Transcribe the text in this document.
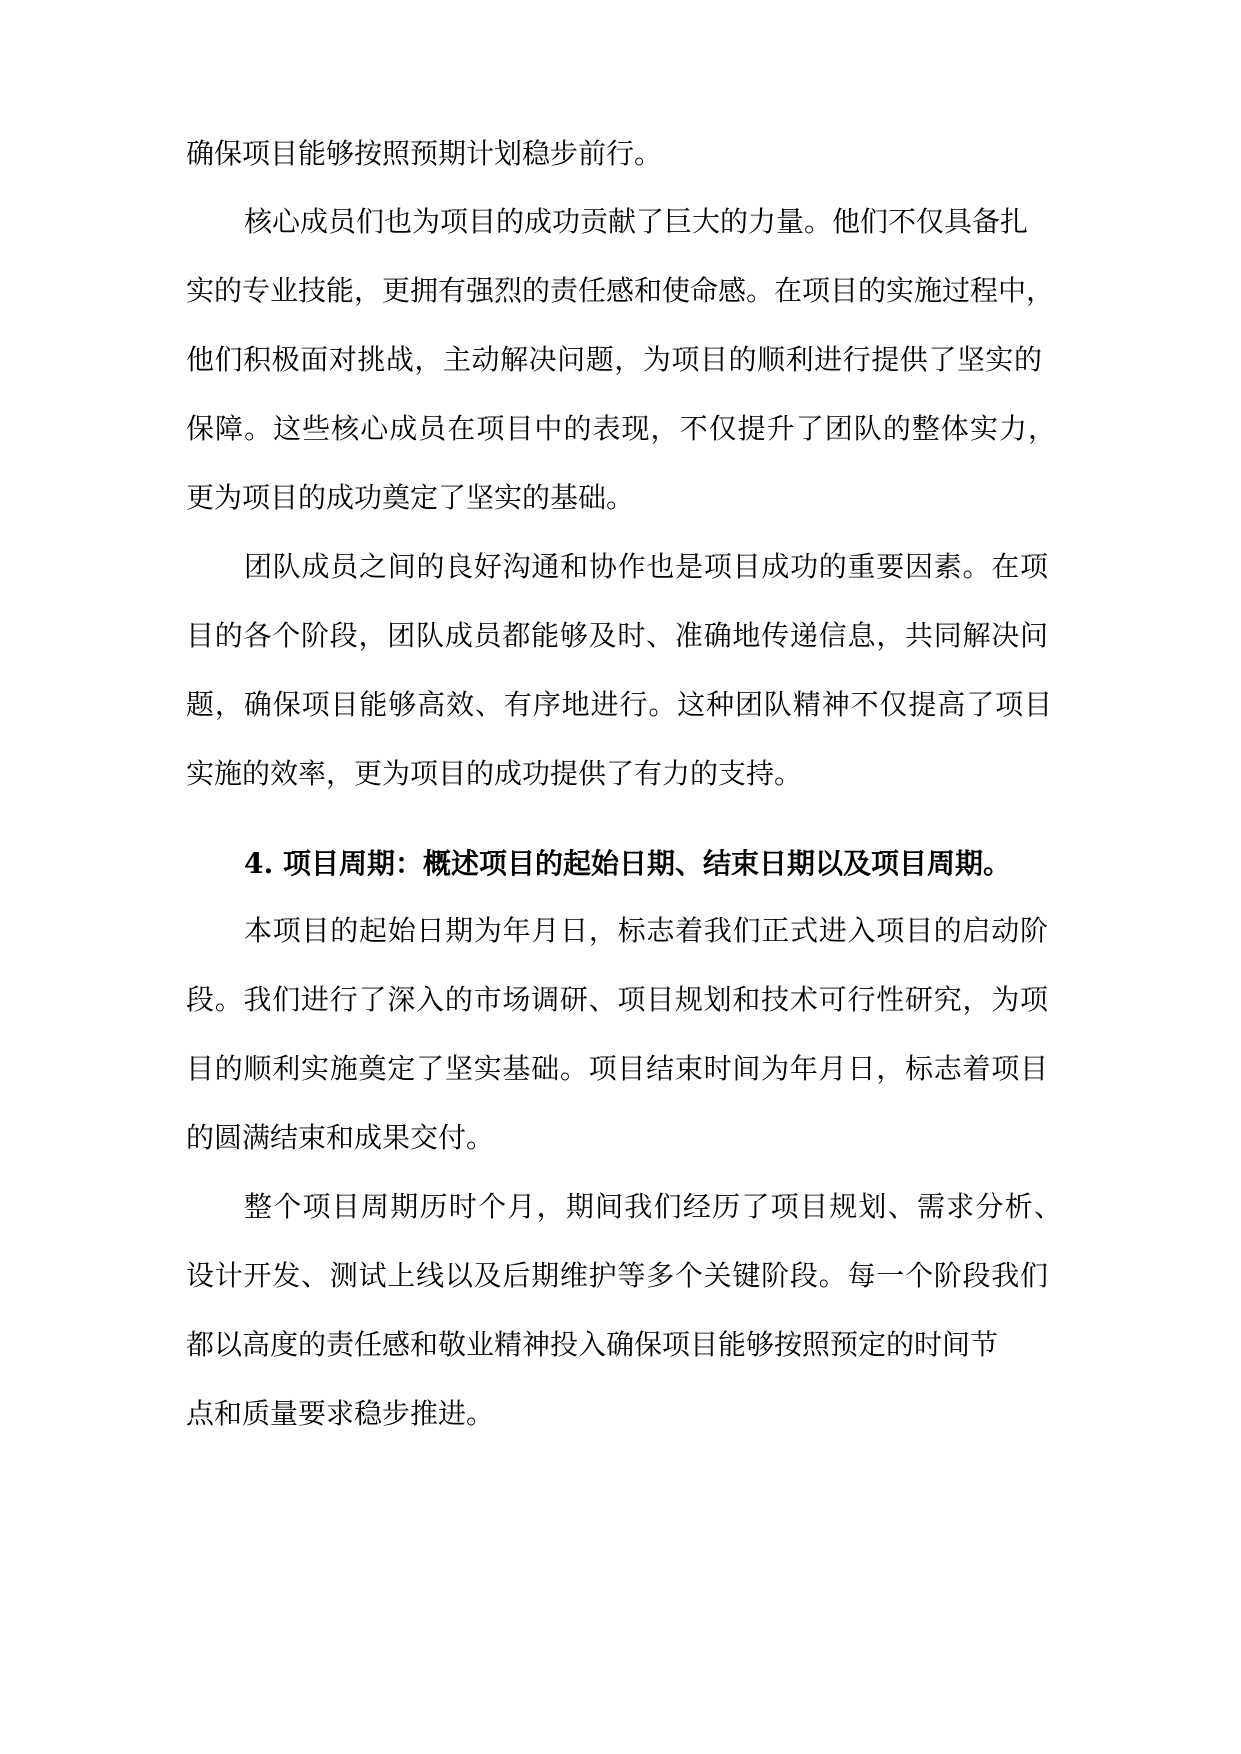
确保项目能够按照预期计划稳步前行。
核心成员们也为项目的成功贡献了巨大的力量。他们不仅具备扎
实的专业技能，更拥有强烈的责任感和使命感。在项目的实施过程中，
他们积极面对挑战，主动解决问题，为项目的顺利进行提供了坚实的
保障。这些核心成员在项目中的表现，不仅提升了团队的整体实力，
更为项目的成功奠定了坚实的基础。
团队成员之间的良好沟通和协作也是项目成功的重要因素。在项
目的各个阶段，团队成员都能够及时、准确地传递信息，共同解决问
题，确保项目能够高效、有序地进行。这种团队精神不仅提高了项目
实施的效率，更为项目的成功提供了有力的支持。
4. 项目周期：概述项目的起始日期、结束日期以及项目周期。
本项目的起始日期为年月日，标志着我们正式进入项目的启动阶
段。我们进行了深入的市场调研、项目规划和技术可行性研究，为项
目的顺利实施奠定了坚实基础。项目结束时间为年月日，标志着项目
的圆满结束和成果交付。
整个项目周期历时个月，期间我们经历了项目规划、需求分析、
设计开发、测试上线以及后期维护等多个关键阶段。每一个阶段我们
都以高度的责任感和敬业精神投入确保项目能够按照预定的时间节
点和质量要求稳步推进。
